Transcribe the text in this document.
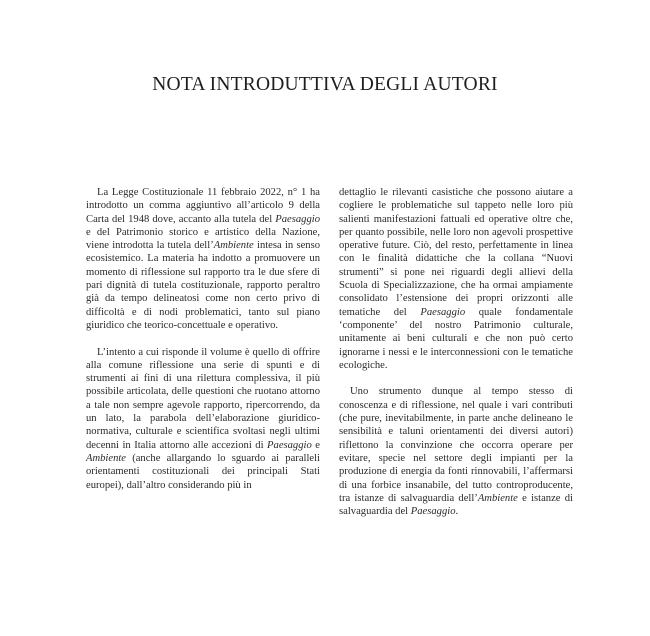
NOTA INTRODUTTIVA DEGLI AUTORI

La Legge Costituzionale 11 febbraio 2022, n° 1 ha introdotto un comma aggiuntivo all’articolo 9 della Carta del 1948 dove, accanto alla tutela del Paesaggio e del Patrimonio storico e artistico della Nazione, viene introdotta la tutela dell’Ambiente intesa in senso ecosistemico. La materia ha indotto a promuovere un momento di riflessione sul rapporto tra le due sfere di pari dignità di tutela costituzionale, rapporto peraltro già da tempo delineatosi come non certo privo di difficoltà e di nodi problematici, tanto sul piano giuridico che teorico-concettuale e operativo.

L’intento a cui risponde il volume è quello di offrire alla comune riflessione una serie di spunti e di strumenti ai fini di una rilettura complessiva, il più possibile articolata, delle questioni che ruotano attorno a tale non sempre agevole rapporto, ripercorrendo, da un lato, la parabola dell’elaborazione giuridico-normativa, culturale e scientifica svoltasi negli ultimi decenni in Italia attorno alle accezioni di Paesaggio e Ambiente (anche allargando lo sguardo ai paralleli orientamenti costituzionali dei principali Stati europei), dall’altro considerando più in

dettaglio le rilevanti casistiche che possono aiutare a cogliere le problematiche sul tappeto nelle loro più salienti manifestazioni fattuali ed operative oltre che, per quanto possibile, nelle loro non agevoli prospettive operative future. Ciò, del resto, perfettamente in linea con le finalità didattiche che la collana “Nuovi strumenti” si pone nei riguardi degli allievi della Scuola di Specializzazione, che ha ormai ampiamente consolidato l’estensione dei propri orizzonti alle tematiche del Paesaggio quale fondamentale ‘componente’ del nostro Patrimonio culturale, unitamente ai beni culturali e che non può certo ignorarne i nessi e le interconnessioni con le tematiche ecologiche.

Uno strumento dunque al tempo stesso di conoscenza e di riflessione, nel quale i vari contributi (che pure, inevitabilmente, in parte anche delineano le sensibilità e taluni orientamenti dei diversi autori) riflettono la convinzione che occorra operare per evitare, specie nel settore degli impianti per la produzione di energia da fonti rinnovabili, l’affermarsi di una forbice insanabile, del tutto controproducente, tra istanze di salvaguardia dell’Ambiente e istanze di salvaguardia del Paesaggio.
